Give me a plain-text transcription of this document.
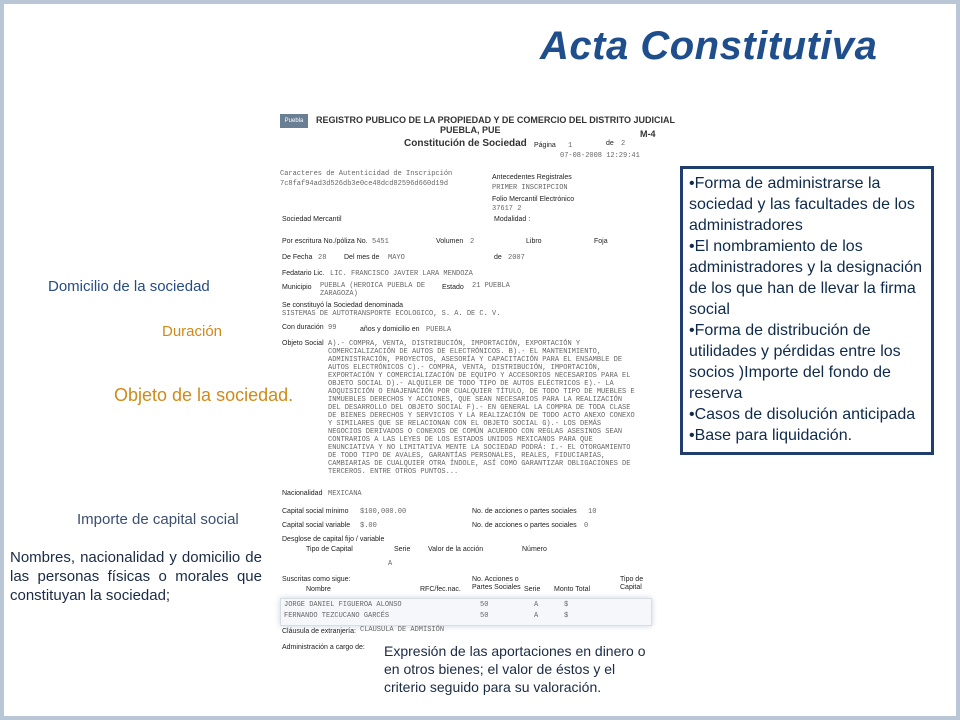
Acta Constitutiva
Puebla	REGISTRO PUBLICO DE LA PROPIEDAD Y DE COMERCIO DEL DISTRITO JUDICIAL
PUEBLA, PUE	M-4
Constitución de Sociedad Página 1	de 2
07-08-2008 12:29:41
Caracteres de Autenticidad de Inscripción
7c8faf94ad3d526db3e0ce48dcd82596d660d19d
Antecedentes Registrales
PRIMER INSCRIPCION
Folio Mercantil Electrónico
37617 2
Sociedad Mercantil	Modalidad :
Por escritura No./póliza No. 5451	Volumen 2	Libro	Foja
De Fecha 28	Del mes de MAYO	de 2007
Fedatario Lic. LIC. FRANCISCO JAVIER LARA MENDOZA
Municipio PUEBLA (HEROICA PUEBLA DE ZARAGOZA)
Estado 21 PUEBLA
Se constituyó la Sociedad denominada
SISTEMAS DE AUTOTRANSPORTE ECOLOGICO, S. A. DE C. V.
Con duración 99	años y domicilio en PUEBLA
Objeto Social A).- COMPRA, VENTA, DISTRIBUCIÓN, IMPORTACIÓN, EXPORTACIÓN Y COMERCIALIZACIÓN DE AUTOS DE ELECTRÓNICOS. B).- EL MANTENIMIENTO, ADMINISTRACIÓN, PROYECTOS, ASESORÍA Y CAPACITACIÓN PARA EL ENSAMBLE DE AUTOS ELECTRÓNICOS C).- COMPRA, VENTA, DISTRIBUCIÓN, IMPORTACIÓN, EXPORTACIÓN Y COMERCIALIZACIÓN DE EQUIPO Y ACCESORIOS NECESARIOS PARA EL OBJETO SOCIAL D).- ALQUILER DE TODO TIPO DE AUTOS ELÉCTRICOS E).- LA ADQUISICIÓN O ENAJENACIÓN POR CUALQUIER TÍTULO, DE TODO TIPO DE MUEBLES E INMUEBLES DERECHOS Y ACCIONES, QUE SEAN NECESARIOS PARA LA REALIZACIÓN DEL DESARROLLO DEL OBJETO SOCIAL F).- EN GENERAL LA COMPRA DE TODA CLASE DE BIENES DERECHOS Y SERVICIOS Y LA REALIZACIÓN DE TODO ACTO ANEXO CONEXO Y SIMILARES QUE SE RELACIONAN CON EL OBJETO SOCIAL G).- LOS DEMÁS NEGOCIOS DERIVADOS O CONEXOS DE COMÚN ACUERDO CON REGLAS ASESINOS SEAN CONTRARIOS A LAS LEYES DE LOS ESTADOS UNIDOS MEXICANOS PARA QUE ENUNCIATIVA Y NO LIMITATIVA MENTE LA SOCIEDAD PODRÁ: I.- EL OTORGAMIENTO DE TODO TIPO DE AVALES, GARANTÍAS PERSONALES, REALES, FIDUCIARIAS, CAMBIARIAS DE CUALQUIER OTRA ÍNDOLE, ASÍ COMO GARANTIZAR OBLIGACIONES DE TERCEROS. ENTRE OTROS PUNTOS...
Nacionalidad MEXICANA
Capital social mínimo $100,000.00	No. de acciones o partes sociales 10
Capital social variable $.00	No. de acciones o partes sociales 0
Desglose de capital fijo / variable
Tipo de Capital	Serie	Valor de la acción	Número
A
Suscritas como sigue:
Nombre	RFC/fec.nac.
No. Acciones o Partes Sociales Serie Monto Total
Tipo de Capital
JORGE DANIEL FIGUEROA ALONSO	50	A	$
FERNANDO TEZCUCANO GARCÉS	50	A	$
Cláusula de extranjería: CLAUSULA DE ADMISIÓN
Administración a cargo de:
Domicilio de la sociedad
Duración
Objeto de la sociedad.
Importe de capital social
Nombres, nacionalidad y domicilio de las personas físicas o morales que constituyan la sociedad;
Expresión de las aportaciones en dinero o en otros bienes; el valor de éstos y el criterio seguido para su valoración.

•Forma de administrarse la sociedad y las facultades de los administradores

•El nombramiento de los administradores y la designación de los que han de llevar la firma social

•Forma de distribución de utilidades y pérdidas entre los socios )Importe del fondo de reserva

•Casos de disolución anticipada

•Base para liquidación.
